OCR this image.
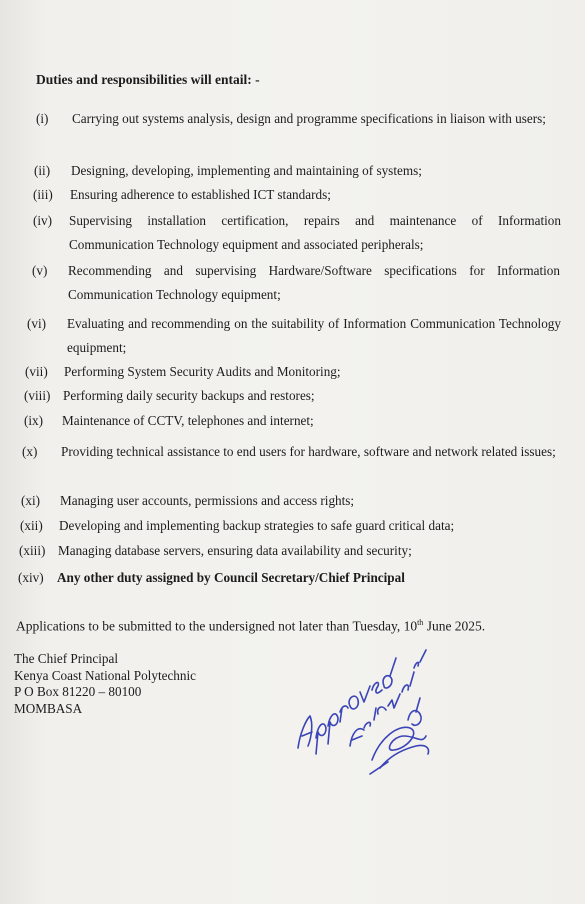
Duties and responsibilities will entail: -
(i) Carrying out systems analysis, design and programme specifications in liaison with users;
(ii) Designing, developing, implementing and maintaining of systems;
(iii) Ensuring adherence to established ICT standards;
(iv) Supervising installation certification, repairs and maintenance of Information Communication Technology equipment and associated peripherals;
(v) Recommending and supervising Hardware/Software specifications for Information Communication Technology equipment;
(vi) Evaluating and recommending on the suitability of Information Communication Technology equipment;
(vii) Performing System Security Audits and Monitoring;
(viii) Performing daily security backups and restores;
(ix) Maintenance of CCTV, telephones and internet;
(x) Providing technical assistance to end users for hardware, software and network related issues;
(xi) Managing user accounts, permissions and access rights;
(xii) Developing and implementing backup strategies to safe guard critical data;
(xiii) Managing database servers, ensuring data availability and security;
(xiv) Any other duty assigned by Council Secretary/Chief Principal
Applications to be submitted to the undersigned not later than Tuesday, 10th June 2025.
The Chief Principal
Kenya Coast National Polytechnic
P O Box 81220 – 80100
MOMBASA
